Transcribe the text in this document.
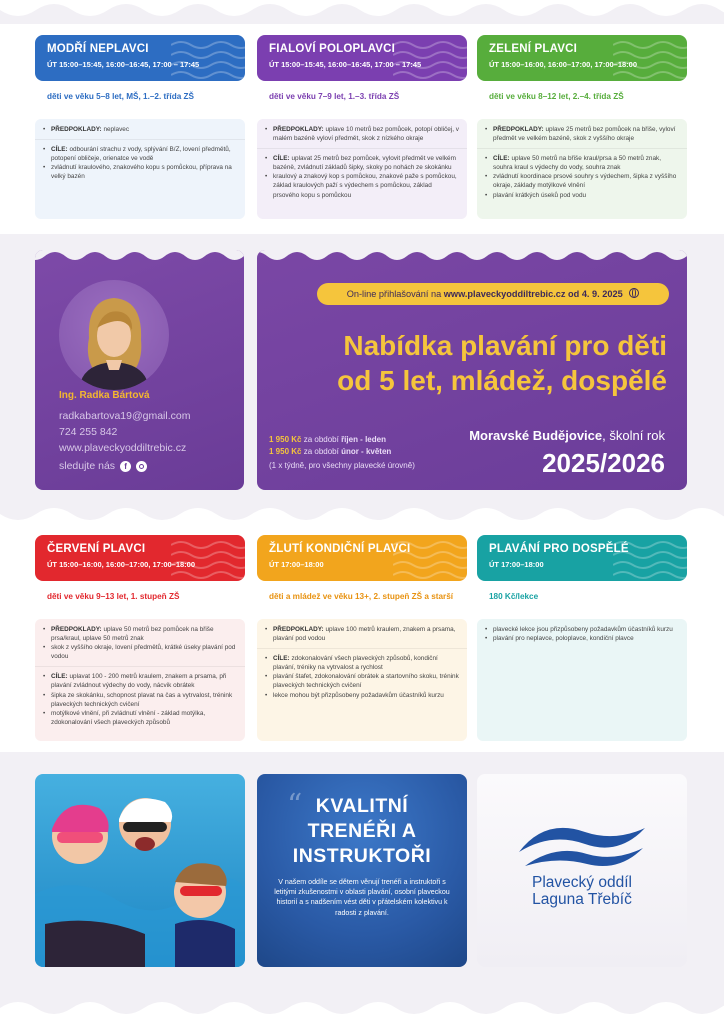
MODŘÍ NEPLAVCI
ÚT 15:00–15:45, 16:00–16:45, 17:00 – 17:45
děti ve věku 5–8 let, MŠ, 1.–2. třída ZŠ
• PŘEDPOKLADY: neplavec
• CÍLE: odbourání strachu z vody, splývání B/Z, lovení předmětů, potopení obličeje, orienatce ve vodě
• zvládnutí kraulového, znakového kopu s pomůckou, příprava na velký bazén
FIALOVÍ POLOPLAVCI
ÚT 15:00–15:45, 16:00–16:45, 17:00 – 17:45
děti ve věku 7–9 let, 1.–3. třída ZŠ
• PŘEDPOKLADY: uplave 10 metrů bez pomůcek, potopí obličej, v malém bazéně vyloví předmět, skok z nízkého okraje
• CÍLE: uplavat 25 metrů bez pomůcek, vylovit předmět ve velkém bazéně, zvládnutí základů šipky, skoky po nohách ze skokánku
• kraulový a znakový kop s pomůckou, znakové paže s pomůckou, základ kraulových paží s výdechem s pomůckou, základ prsového kopu s pomůckou
ZELENÍ PLAVCI
ÚT 15:00–16:00, 16:00–17:00, 17:00–18:00
děti ve věku 8–12 let, 2.–4. třída ZŠ
• PŘEDPOKLADY: uplave 25 metrů bez pomůcek na břiše, vyloví předmět ve velkém bazéně, skok z vyššího okraje
• CÍLE: uplave 50 metrů na břiše kraul/prsa a 50 metrů znak, souhra kraul s výdechy do vody, souhra znak
• zvládnutí koordinace prsové souhry s výdechem, šipka z vyššího okraje, základy motýlkové vlnění
• plavání krátkých úseků pod vodu
Ing. Radka Bártová
radkabartova19@gmail.com
724 255 842
www.plaveckyoddiltrebic.cz
sledujte nás	f
On-line přihlašování na www.plaveckyoddiltrebic.cz od 4. 9. 2025
Nabídka plavání pro děti
od 5 let, mládež, dospělé
1 950 Kč za období říjen - leden
1 950 Kč za období únor - květen
(1 x týdně, pro všechny plavecké úrovně)
Moravské Budějovice, školní rok
2025/2026
ČERVENÍ PLAVCI
ÚT 15:00–16:00, 16:00–17:00, 17:00–18:00
děti ve věku 9–13 let, 1. stupeň ZŠ
• PŘEDPOKLADY: uplave 50 metrů bez pomůcek na břiše prsa/kraul, uplave 50 metrů znak
• skok z vyššího okraje, lovení předmětů, krátké úseky plavání pod vodou
• CÍLE: uplavat 100 - 200 metrů kraulem, znakem a prsama, při plavání zvládnout výdechy do vody, nácvik obrátek
• šipka ze skokánku, schopnost plavat na čas a vytrvalost, trénink plaveckých technických cvičení
• motýlkové vlnění, při zvládnutí vlnění - základ motýlka, zdokonalování všech plaveckých způsobů
ŽLUTÍ KONDIČNÍ PLAVCI
ÚT 17:00–18:00
děti a mládež ve věku 13+, 2. stupeň ZŠ a starší
• PŘEDPOKLADY: uplave 100 metrů kraulem, znakem a prsama, plavání pod vodou
• CÍLE: zdokonalování všech plaveckých způsobů, kondiční plavání, tréniky na vytrvalost a rychlost
• plavání štafet, zdokonalování obrátek a startovního skoku, trénink plaveckých technických cvičení
• lekce mohou být přizpůsobeny požadavkům účastníků kurzu
PLAVÁNÍ PRO DOSPĚLÉ
ÚT 17:00–18:00
180 Kč/lekce
• plavecké lekce jsou přizpůsobeny požadavkům účastníků kurzu
• plavání pro neplavce, poloplavce, kondiční plavce
“ KVALITNÍ TRENÉŘI A INSTRUKTOŘI
V našem oddíle se dětem věnují trenéři a instruktoři s letitými zkušenostmi v oblasti plavání, osobní plaveckou historií a s nadšením vést děti v přátelském kolektivu k radosti z plavání.
Plavecký oddíl
Laguna Třebíč
